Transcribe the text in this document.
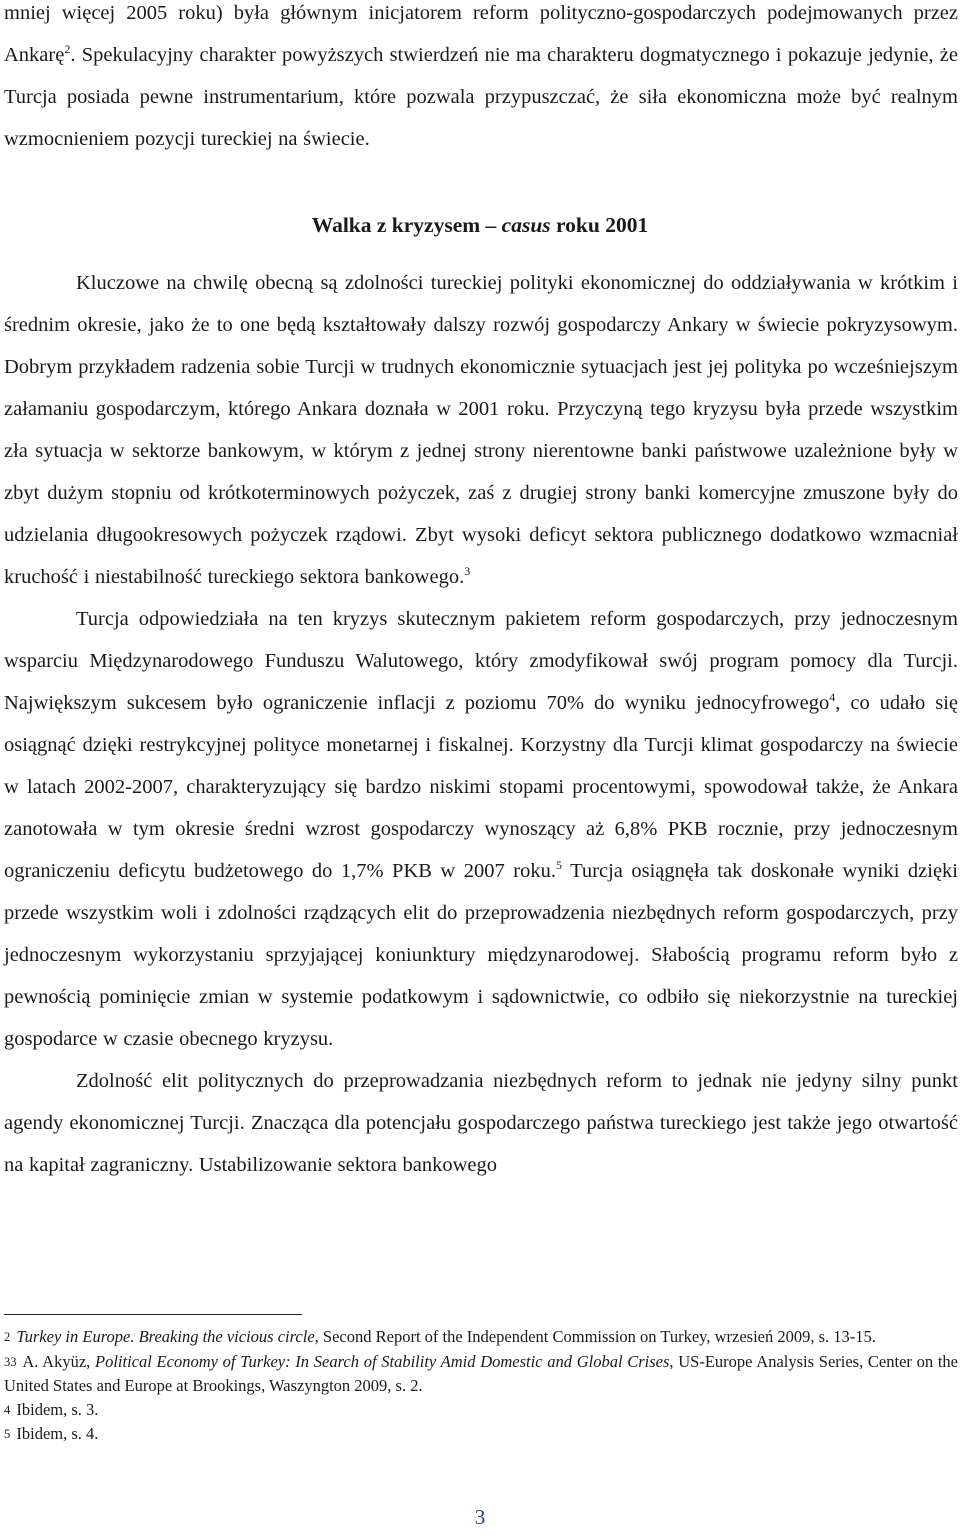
mniej więcej 2005 roku) była głównym inicjatorem reform polityczno-gospodarczych podejmowanych przez Ankarę$^2$. Spekulacyjny charakter powyższych stwierdzeń nie ma charakteru dogmatycznego i pokazuje jedynie, że Turcja posiada pewne instrumentarium, które pozwala przypuszczać, że siła ekonomiczna może być realnym wzmocnieniem pozycji tureckiej na świecie.

Walka z kryzysem – casus roku 2001

Kluczowe na chwilę obecną są zdolności tureckiej polityki ekonomicznej do oddziaływania w krótkim i średnim okresie, jako że to one będą kształtowały dalszy rozwój gospodarczy Ankary w świecie pokryzysowym. Dobrym przykładem radzenia sobie Turcji w trudnych ekonomicznie sytuacjach jest jej polityka po wcześniejszym załamaniu gospodarczym, którego Ankara doznała w 2001 roku. Przyczyną tego kryzysu była przede wszystkim zła sytuacja w sektorze bankowym, w którym z jednej strony nierentowne banki państwowe uzależnione były w zbyt dużym stopniu od krótkoterminowych pożyczek, zaś z drugiej strony banki komercyjne zmuszone były do udzielania długookresowych pożyczek rządowi. Zbyt wysoki deficyt sektora publicznego dodatkowo wzmacniał kruchość i niestabilność tureckiego sektora bankowego.$^3$

Turcja odpowiedziała na ten kryzys skutecznym pakietem reform gospodarczych, przy jednoczesnym wsparciu Międzynarodowego Funduszu Walutowego, który zmodyfikował swój program pomocy dla Turcji. Największym sukcesem było ograniczenie inflacji z poziomu 70% do wyniku jednocyfrowego$^4$, co udało się osiągnąć dzięki restrykcyjnej polityce monetarnej i fiskalnej. Korzystny dla Turcji klimat gospodarczy na świecie w latach 2002-2007, charakteryzujący się bardzo niskimi stopami procentowymi, spowodował także, że Ankara zanotowała w tym okresie średni wzrost gospodarczy wynoszący aż 6,8% PKB rocznie, przy jednoczesnym ograniczeniu deficytu budżetowego do 1,7% PKB w 2007 roku.$^5$ Turcja osiągnęła tak doskonałe wyniki dzięki przede wszystkim woli i zdolności rządzących elit do przeprowadzenia niezbędnych reform gospodarczych, przy jednoczesnym wykorzystaniu sprzyjającej koniunktury międzynarodowej. Słabością programu reform było z pewnością pominięcie zmian w systemie podatkowym i sądownictwie, co odbiło się niekorzystnie na tureckiej gospodarce w czasie obecnego kryzysu.

Zdolność elit politycznych do przeprowadzania niezbędnych reform to jednak nie jedyny silny punkt agendy ekonomicznej Turcji. Znacząca dla potencjału gospodarczego państwa tureckiego jest także jego otwartość na kapitał zagraniczny. Ustabilizowanie sektora bankowego

2 Turkey in Europe. Breaking the vicious circle, Second Report of the Independent Commission on Turkey, wrzesień 2009, s. 13-15.

33 A. Akyüz, Political Economy of Turkey: In Search of Stability Amid Domestic and Global Crises, US-Europe Analysis Series, Center on the United States and Europe at Brookings, Waszyngton 2009, s. 2.

4 Ibidem, s. 3.

5 Ibidem, s. 4.

3
